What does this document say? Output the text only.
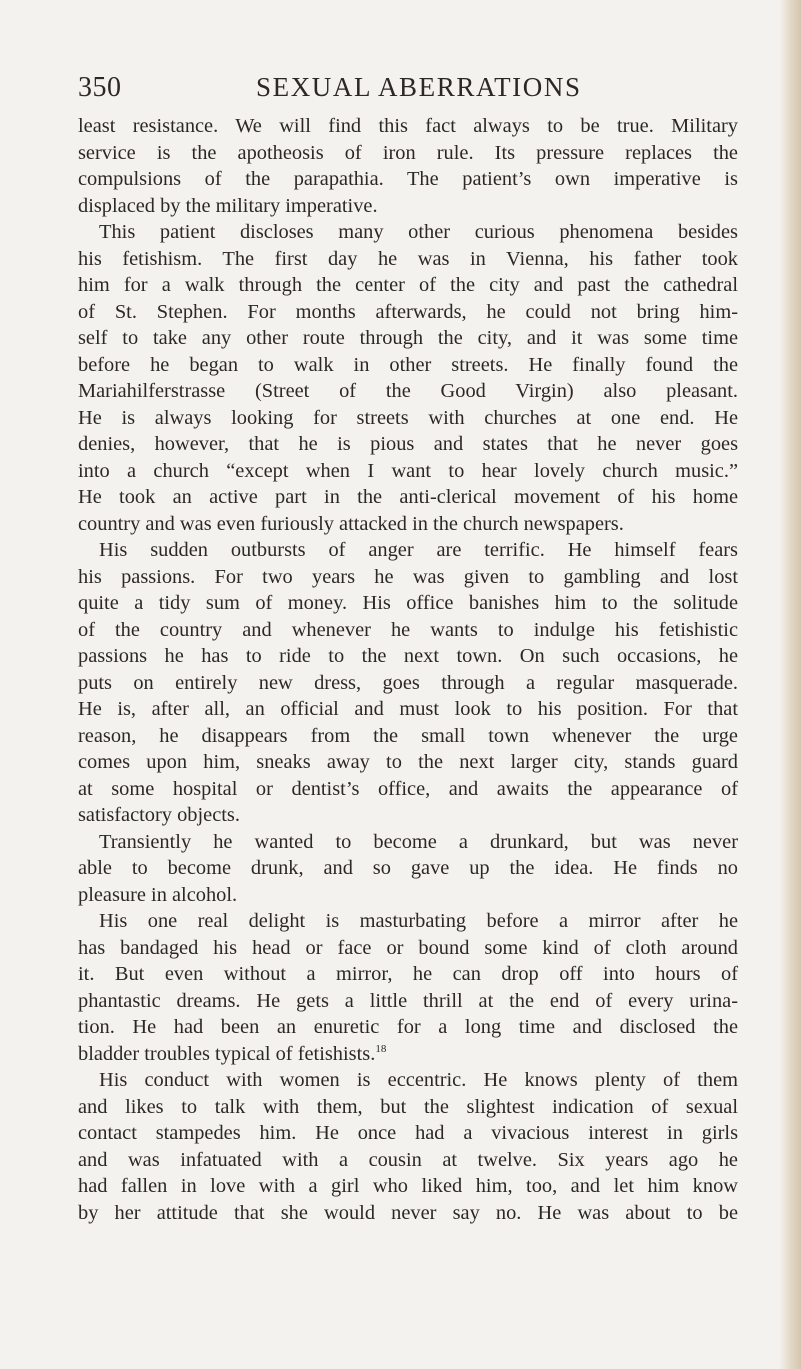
350	SEXUAL ABERRATIONS
least resistance. We will find this fact always to be true. Military
service is the apotheosis of iron rule. Its pressure replaces the
compulsions of the parapathia. The patient’s own imperative is
displaced by the military imperative.
This patient discloses many other curious phenomena besides
his fetishism. The first day he was in Vienna, his father took
him for a walk through the center of the city and past the cathedral
of St. Stephen. For months afterwards, he could not bring him-
self to take any other route through the city, and it was some time
before he began to walk in other streets. He finally found the
Mariahilferstrasse (Street of the Good Virgin) also pleasant.
He is always looking for streets with churches at one end. He
denies, however, that he is pious and states that he never goes
into a church “except when I want to hear lovely church music.”
He took an active part in the anti-clerical movement of his home
country and was even furiously attacked in the church newspapers.
His sudden outbursts of anger are terrific. He himself fears
his passions. For two years he was given to gambling and lost
quite a tidy sum of money. His office banishes him to the solitude
of the country and whenever he wants to indulge his fetishistic
passions he has to ride to the next town. On such occasions, he
puts on entirely new dress, goes through a regular masquerade.
He is, after all, an official and must look to his position. For that
reason, he disappears from the small town whenever the urge
comes upon him, sneaks away to the next larger city, stands guard
at some hospital or dentist’s office, and awaits the appearance of
satisfactory objects.
Transiently he wanted to become a drunkard, but was never
able to become drunk, and so gave up the idea. He finds no
pleasure in alcohol.
His one real delight is masturbating before a mirror after he
has bandaged his head or face or bound some kind of cloth around
it. But even without a mirror, he can drop off into hours of
phantastic dreams. He gets a little thrill at the end of every urina-
tion. He had been an enuretic for a long time and disclosed the
bladder troubles typical of fetishists.$^{18}$
His conduct with women is eccentric. He knows plenty of them
and likes to talk with them, but the slightest indication of sexual
contact stampedes him. He once had a vivacious interest in girls
and was infatuated with a cousin at twelve. Six years ago he
had fallen in love with a girl who liked him, too, and let him know
by her attitude that she would never say no. He was about to be
